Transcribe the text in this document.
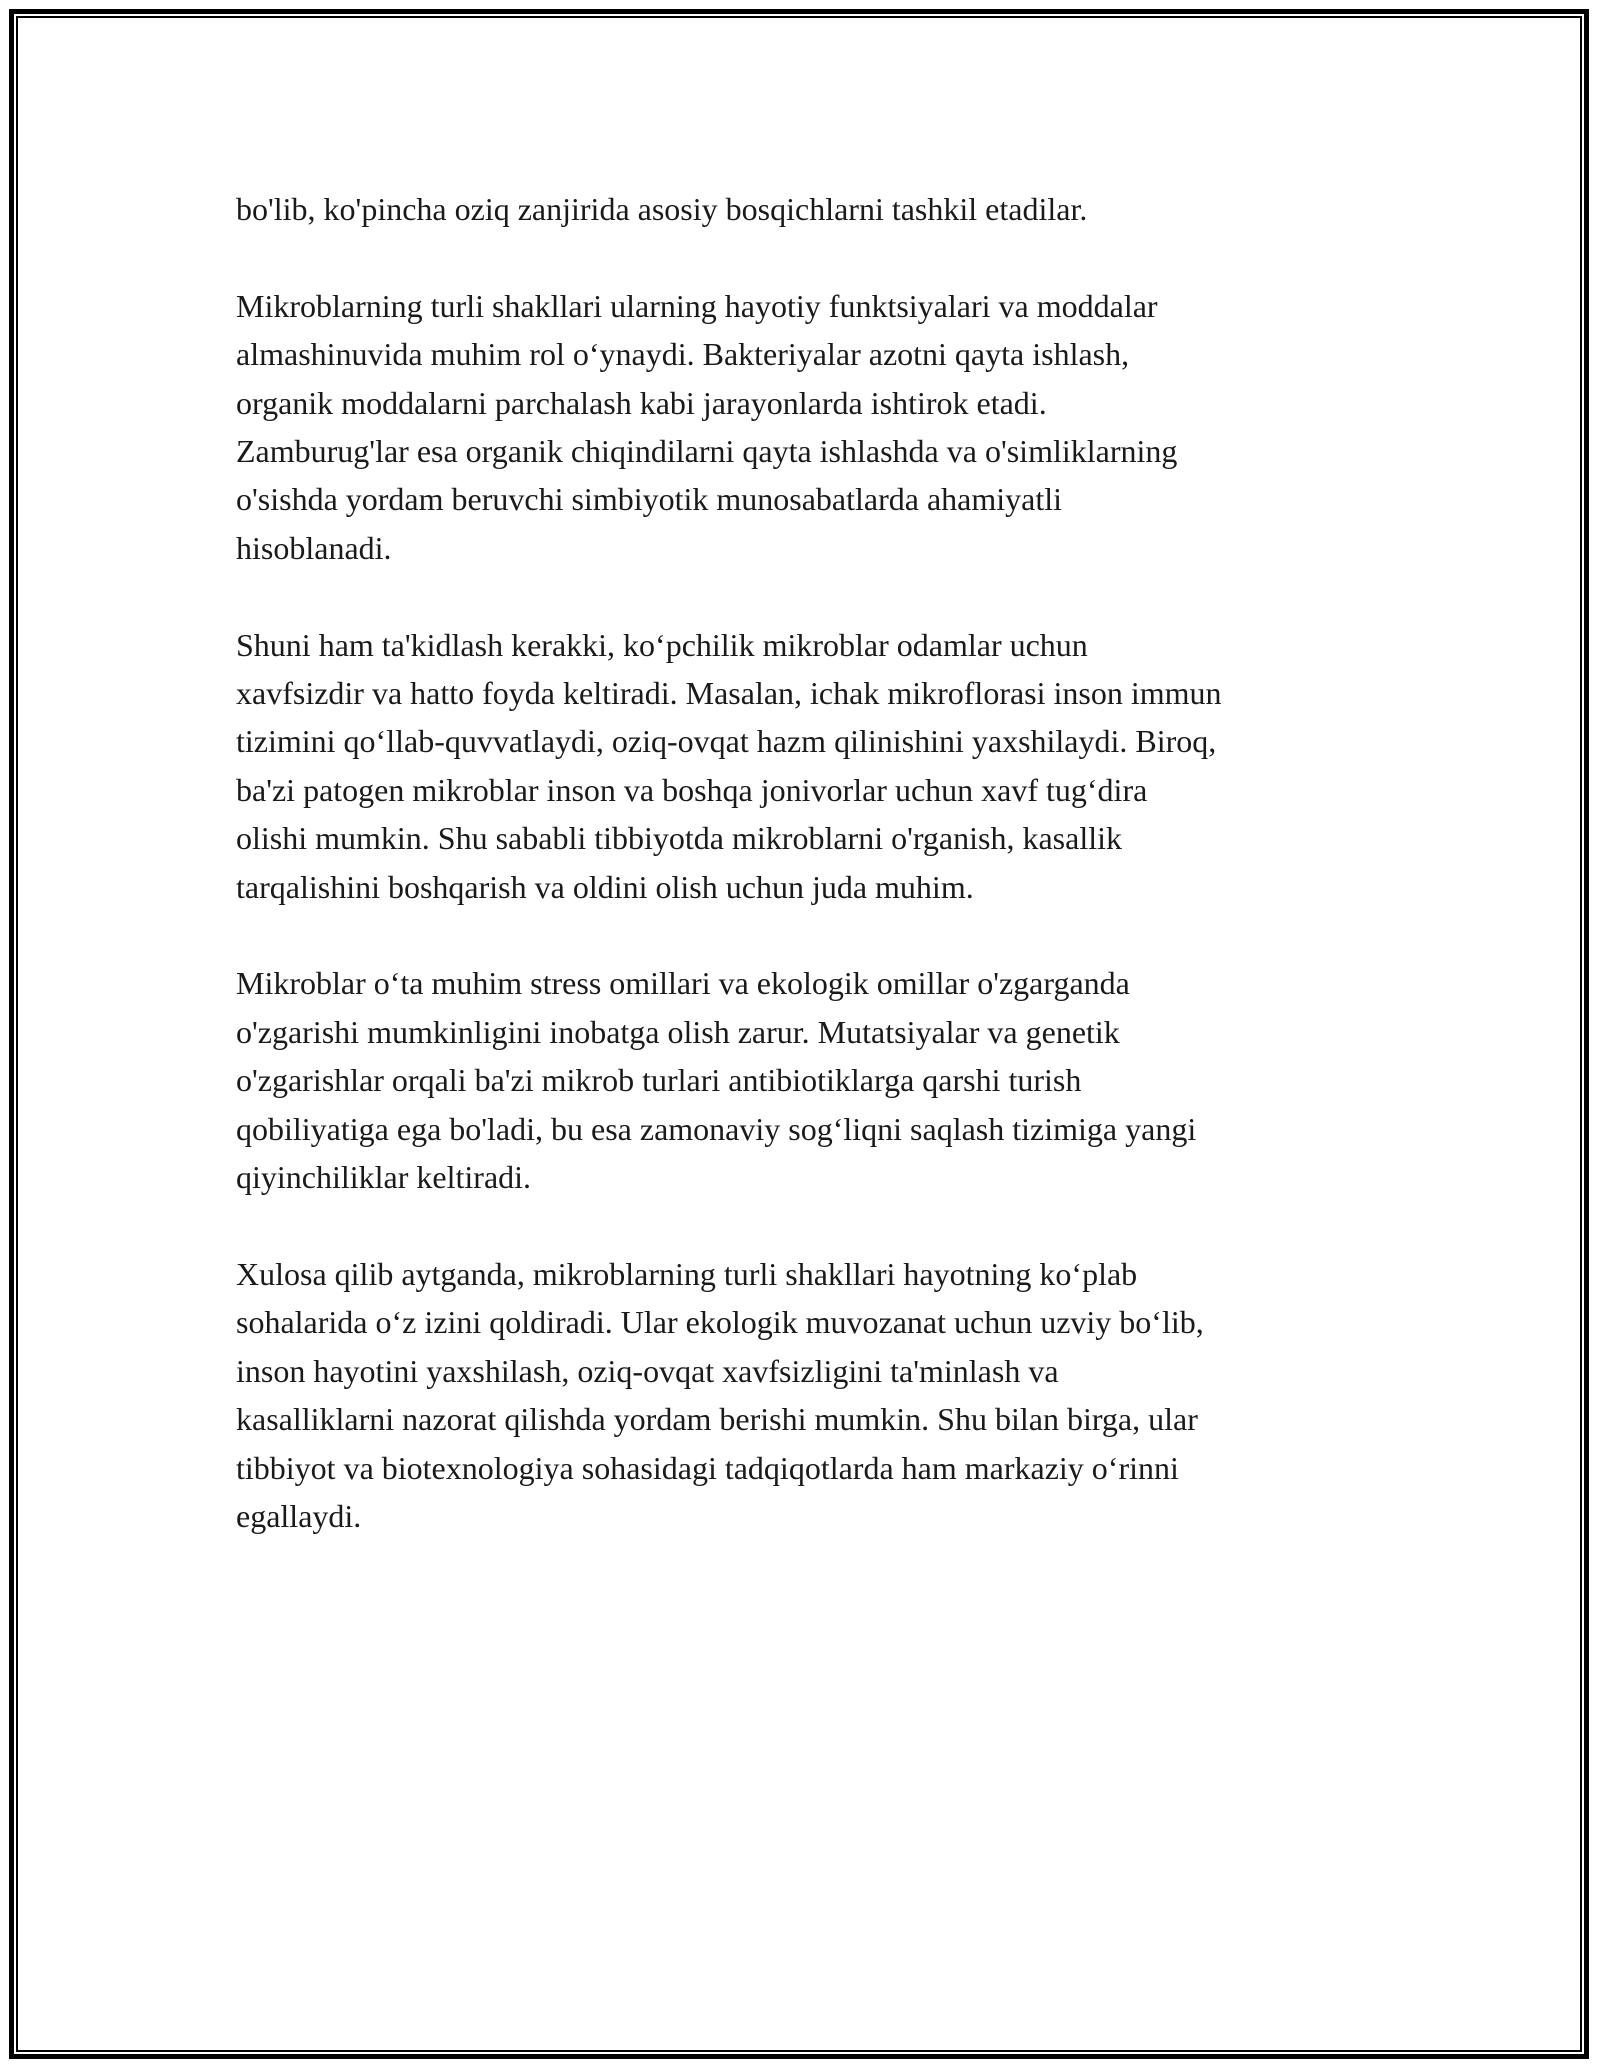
bo'lib, ko'pincha oziq zanjirida asosiy bosqichlarni tashkil etadilar.

Mikroblarning turli shakllari ularning hayotiy funktsiyalari va moddalar
almashinuvida muhim rol o‘ynaydi. Bakteriyalar azotni qayta ishlash,
organik moddalarni parchalash kabi jarayonlarda ishtirok etadi.
Zamburug'lar esa organik chiqindilarni qayta ishlashda va o'simliklarning
o'sishda yordam beruvchi simbiyotik munosabatlarda ahamiyatli
hisoblanadi.

Shuni ham ta'kidlash kerakki, ko‘pchilik mikroblar odamlar uchun
xavfsizdir va hatto foyda keltiradi. Masalan, ichak mikroflorasi inson immun
tizimini qo‘llab-quvvatlaydi, oziq-ovqat hazm qilinishini yaxshilaydi. Biroq,
ba'zi patogen mikroblar inson va boshqa jonivorlar uchun xavf tug‘dira
olishi mumkin. Shu sababli tibbiyotda mikroblarni o'rganish, kasallik
tarqalishini boshqarish va oldini olish uchun juda muhim.

Mikroblar o‘ta muhim stress omillari va ekologik omillar o'zgarganda
o'zgarishi mumkinligini inobatga olish zarur. Mutatsiyalar va genetik
o'zgarishlar orqali ba'zi mikrob turlari antibiotiklarga qarshi turish
qobiliyatiga ega bo'ladi, bu esa zamonaviy sog‘liqni saqlash tizimiga yangi
qiyinchiliklar keltiradi.

Xulosa qilib aytganda, mikroblarning turli shakllari hayotning ko‘plab
sohalarida o‘z izini qoldiradi. Ular ekologik muvozanat uchun uzviy bo‘lib,
inson hayotini yaxshilash, oziq-ovqat xavfsizligini ta'minlash va
kasalliklarni nazorat qilishda yordam berishi mumkin. Shu bilan birga, ular
tibbiyot va biotexnologiya sohasidagi tadqiqotlarda ham markaziy o‘rinni
egallaydi.
